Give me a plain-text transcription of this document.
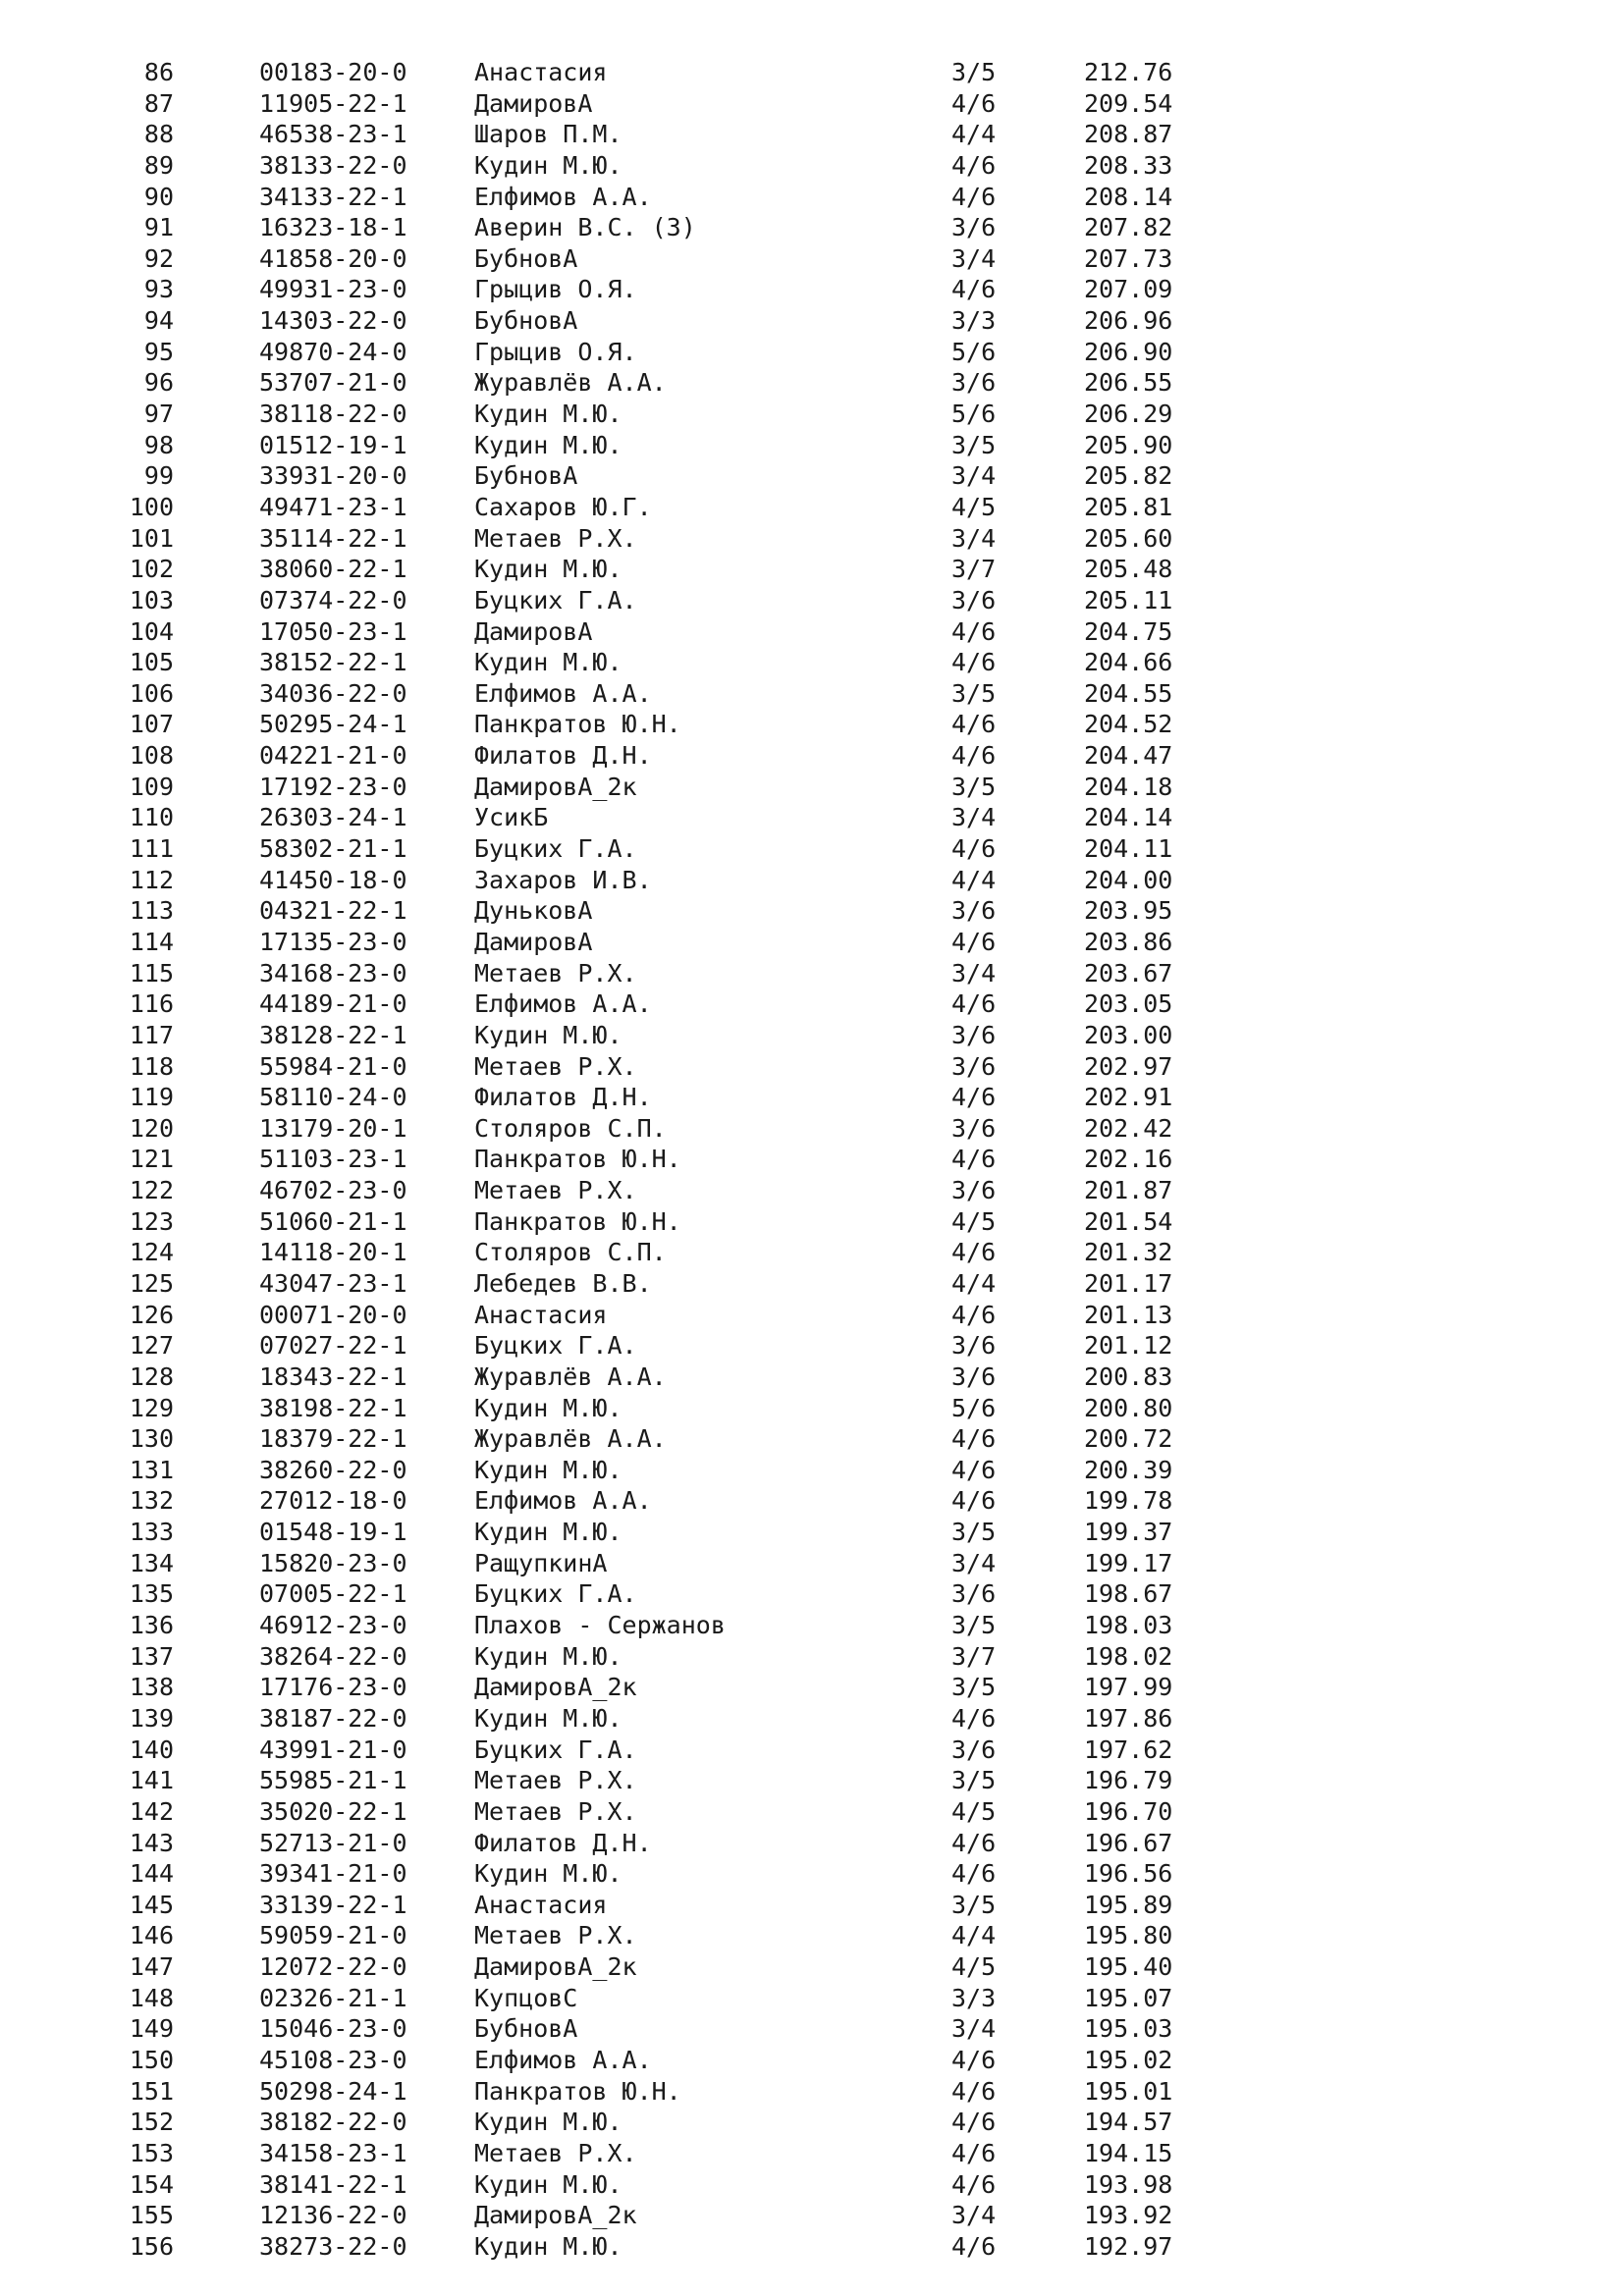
86	00183-20-0	Анастасия	3/5	212.76
87	11905-22-1	ДамировА	4/6	209.54
88	46538-23-1	Шаров П.М.	4/4	208.87
89	38133-22-0	Кудин М.Ю.	4/6	208.33
90	34133-22-1	Елфимов А.А.	4/6	208.14
91	16323-18-1	Аверин В.С. (З)	3/6	207.82
92	41858-20-0	БубновА	3/4	207.73
93	49931-23-0	Грыцив О.Я.	4/6	207.09
94	14303-22-0	БубновА	3/3	206.96
95	49870-24-0	Грыцив О.Я.	5/6	206.90
96	53707-21-0	Журавлёв А.А.	3/6	206.55
97	38118-22-0	Кудин М.Ю.	5/6	206.29
98	01512-19-1	Кудин М.Ю.	3/5	205.90
99	33931-20-0	БубновА	3/4	205.82
100	49471-23-1	Сахаров Ю.Г.	4/5	205.81
101	35114-22-1	Метаев Р.Х.	3/4	205.60
102	38060-22-1	Кудин М.Ю.	3/7	205.48
103	07374-22-0	Буцких Г.А.	3/6	205.11
104	17050-23-1	ДамировА	4/6	204.75
105	38152-22-1	Кудин М.Ю.	4/6	204.66
106	34036-22-0	Елфимов А.А.	3/5	204.55
107	50295-24-1	Панкратов Ю.Н.	4/6	204.52
108	04221-21-0	Филатов Д.Н.	4/6	204.47
109	17192-23-0	ДамировА_2к	3/5	204.18
110	26303-24-1	УсикБ	3/4	204.14
111	58302-21-1	Буцких Г.А.	4/6	204.11
112	41450-18-0	Захаров И.В.	4/4	204.00
113	04321-22-1	ДуньковА	3/6	203.95
114	17135-23-0	ДамировА	4/6	203.86
115	34168-23-0	Метаев Р.Х.	3/4	203.67
116	44189-21-0	Елфимов А.А.	4/6	203.05
117	38128-22-1	Кудин М.Ю.	3/6	203.00
118	55984-21-0	Метаев Р.Х.	3/6	202.97
119	58110-24-0	Филатов Д.Н.	4/6	202.91
120	13179-20-1	Столяров С.П.	3/6	202.42
121	51103-23-1	Панкратов Ю.Н.	4/6	202.16
122	46702-23-0	Метаев Р.Х.	3/6	201.87
123	51060-21-1	Панкратов Ю.Н.	4/5	201.54
124	14118-20-1	Столяров С.П.	4/6	201.32
125	43047-23-1	Лебедев В.В.	4/4	201.17
126	00071-20-0	Анастасия	4/6	201.13
127	07027-22-1	Буцких Г.А.	3/6	201.12
128	18343-22-1	Журавлёв А.А.	3/6	200.83
129	38198-22-1	Кудин М.Ю.	5/6	200.80
130	18379-22-1	Журавлёв А.А.	4/6	200.72
131	38260-22-0	Кудин М.Ю.	4/6	200.39
132	27012-18-0	Елфимов А.А.	4/6	199.78
133	01548-19-1	Кудин М.Ю.	3/5	199.37
134	15820-23-0	РащупкинА	3/4	199.17
135	07005-22-1	Буцких Г.А.	3/6	198.67
136	46912-23-0	Плахов - Сержанов	3/5	198.03
137	38264-22-0	Кудин М.Ю.	3/7	198.02
138	17176-23-0	ДамировА_2к	3/5	197.99
139	38187-22-0	Кудин М.Ю.	4/6	197.86
140	43991-21-0	Буцких Г.А.	3/6	197.62
141	55985-21-1	Метаев Р.Х.	3/5	196.79
142	35020-22-1	Метаев Р.Х.	4/5	196.70
143	52713-21-0	Филатов Д.Н.	4/6	196.67
144	39341-21-0	Кудин М.Ю.	4/6	196.56
145	33139-22-1	Анастасия	3/5	195.89
146	59059-21-0	Метаев Р.Х.	4/4	195.80
147	12072-22-0	ДамировА_2к	4/5	195.40
148	02326-21-1	КупцовС	3/3	195.07
149	15046-23-0	БубновА	3/4	195.03
150	45108-23-0	Елфимов А.А.	4/6	195.02
151	50298-24-1	Панкратов Ю.Н.	4/6	195.01
152	38182-22-0	Кудин М.Ю.	4/6	194.57
153	34158-23-1	Метаев Р.Х.	4/6	194.15
154	38141-22-1	Кудин М.Ю.	4/6	193.98
155	12136-22-0	ДамировА_2к	3/4	193.92
156	38273-22-0	Кудин М.Ю.	4/6	192.97
